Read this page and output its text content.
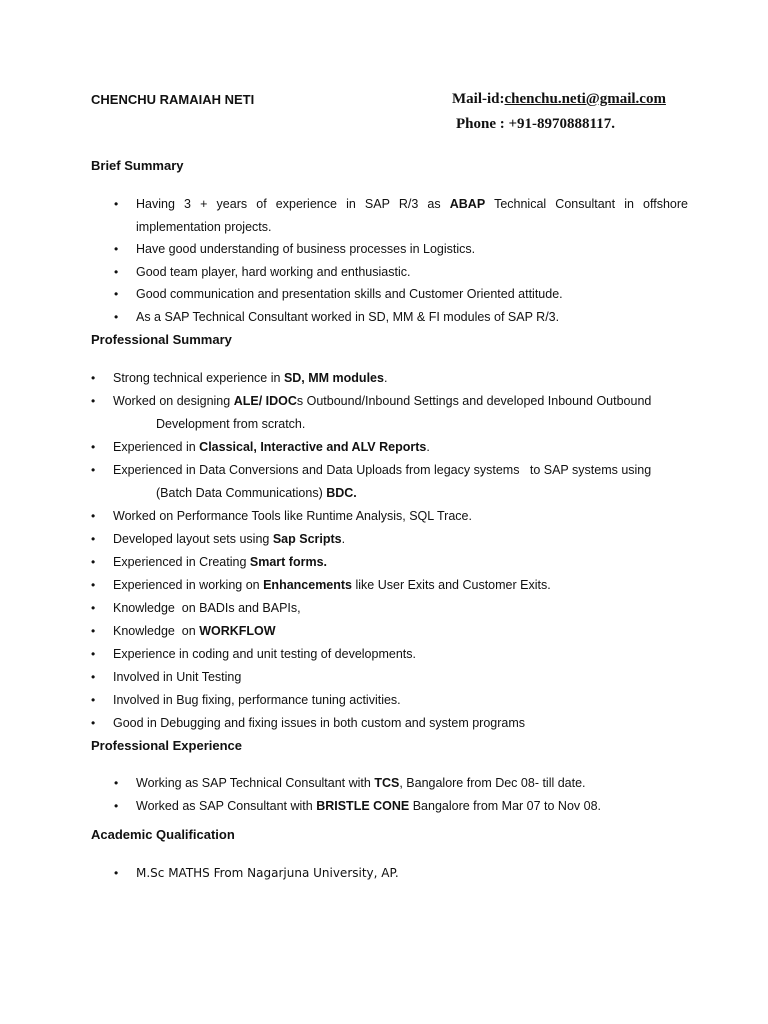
CHENCHU RAMAIAH NETI	Mail-id:chenchu.neti@gmail.com
Phone : +91-8970888117.
Brief Summary
• Having 3 + years of experience in SAP R/3 as ABAP Technical Consultant in offshore
implementation projects.
• Have good understanding of business processes in Logistics.
• Good team player, hard working and enthusiastic.
• Good communication and presentation skills and Customer Oriented attitude.
• As a SAP Technical Consultant worked in SD, MM & FI modules of SAP R/3.
Professional Summary
• Strong technical experience in SD, MM modules.
• Worked on designing ALE/ IDOCs Outbound/Inbound Settings and developed Inbound Outbound
Development from scratch.
• Experienced in Classical, Interactive and ALV Reports.
• Experienced in Data Conversions and Data Uploads from legacy systems   to SAP systems using
(Batch Data Communications) BDC.
• Worked on Performance Tools like Runtime Analysis, SQL Trace.
• Developed layout sets using Sap Scripts.
• Experienced in Creating Smart forms.
• Experienced in working on Enhancements like User Exits and Customer Exits.
• Knowledge  on BADIs and BAPIs,
• Knowledge  on WORKFLOW
• Experience in coding and unit testing of developments.
• Involved in Unit Testing
• Involved in Bug fixing, performance tuning activities.
• Good in Debugging and fixing issues in both custom and system programs
Professional Experience
• Working as SAP Technical Consultant with TCS, Bangalore from Dec 08- till date.
• Worked as SAP Consultant with BRISTLE CONE Bangalore from Mar 07 to Nov 08.
Academic Qualification
• M.Sc MATHS From Nagarjuna University, AP.
